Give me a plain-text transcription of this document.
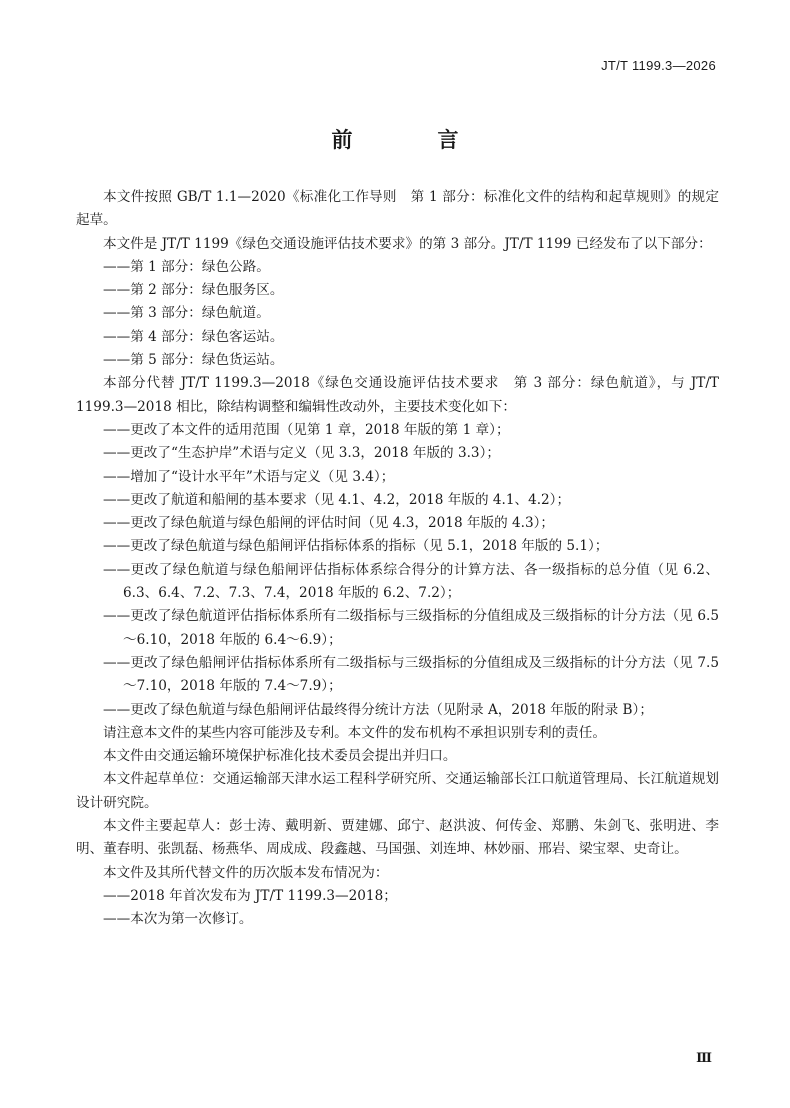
JT/T 1199.3—2026
前　言
本文件按照 GB/T 1.1—2020《标准化工作导则　第 1 部分：标准化文件的结构和起草规则》的规定起草。
本文件是 JT/T 1199《绿色交通设施评估技术要求》的第 3 部分。JT/T 1199 已经发布了以下部分：
——第 1 部分：绿色公路。
——第 2 部分：绿色服务区。
——第 3 部分：绿色航道。
——第 4 部分：绿色客运站。
——第 5 部分：绿色货运站。
本部分代替 JT/T 1199.3—2018《绿色交通设施评估技术要求　第 3 部分：绿色航道》，与 JT/T 1199.3—2018 相比，除结构调整和编辑性改动外，主要技术变化如下：
——更改了本文件的适用范围（见第 1 章，2018 年版的第 1 章）；
——更改了“生态护岸”术语与定义（见 3.3，2018 年版的 3.3）；
——增加了“设计水平年”术语与定义（见 3.4）；
——更改了航道和船闸的基本要求（见 4.1、4.2，2018 年版的 4.1、4.2）；
——更改了绿色航道与绿色船闸的评估时间（见 4.3，2018 年版的 4.3）；
——更改了绿色航道与绿色船闸评估指标体系的指标（见 5.1，2018 年版的 5.1）；
——更改了绿色航道与绿色船闸评估指标体系综合得分的计算方法、各一级指标的总分值（见 6.2、6.3、6.4、7.2、7.3、7.4，2018 年版的 6.2、7.2）；
——更改了绿色航道评估指标体系所有二级指标与三级指标的分值组成及三级指标的计分方法（见 6.5～6.10，2018 年版的 6.4～6.9）；
——更改了绿色船闸评估指标体系所有二级指标与三级指标的分值组成及三级指标的计分方法（见 7.5～7.10，2018 年版的 7.4～7.9）；
——更改了绿色航道与绿色船闸评估最终得分统计方法（见附录 A，2018 年版的附录 B）；
请注意本文件的某些内容可能涉及专利。本文件的发布机构不承担识别专利的责任。
本文件由交通运输环境保护标准化技术委员会提出并归口。
本文件起草单位：交通运输部天津水运工程科学研究所、交通运输部长江口航道管理局、长江航道规划设计研究院。
本文件主要起草人：彭士涛、戴明新、贾建娜、邱宁、赵洪波、何传金、郑鹏、朱剑飞、张明进、李明、董春明、张凯磊、杨燕华、周成成、段鑫越、马国强、刘连坤、林妙丽、邢岩、梁宝翠、史奇让。
本文件及其所代替文件的历次版本发布情况为：
——2018 年首次发布为 JT/T 1199.3—2018；
——本次为第一次修订。
Ⅲ
